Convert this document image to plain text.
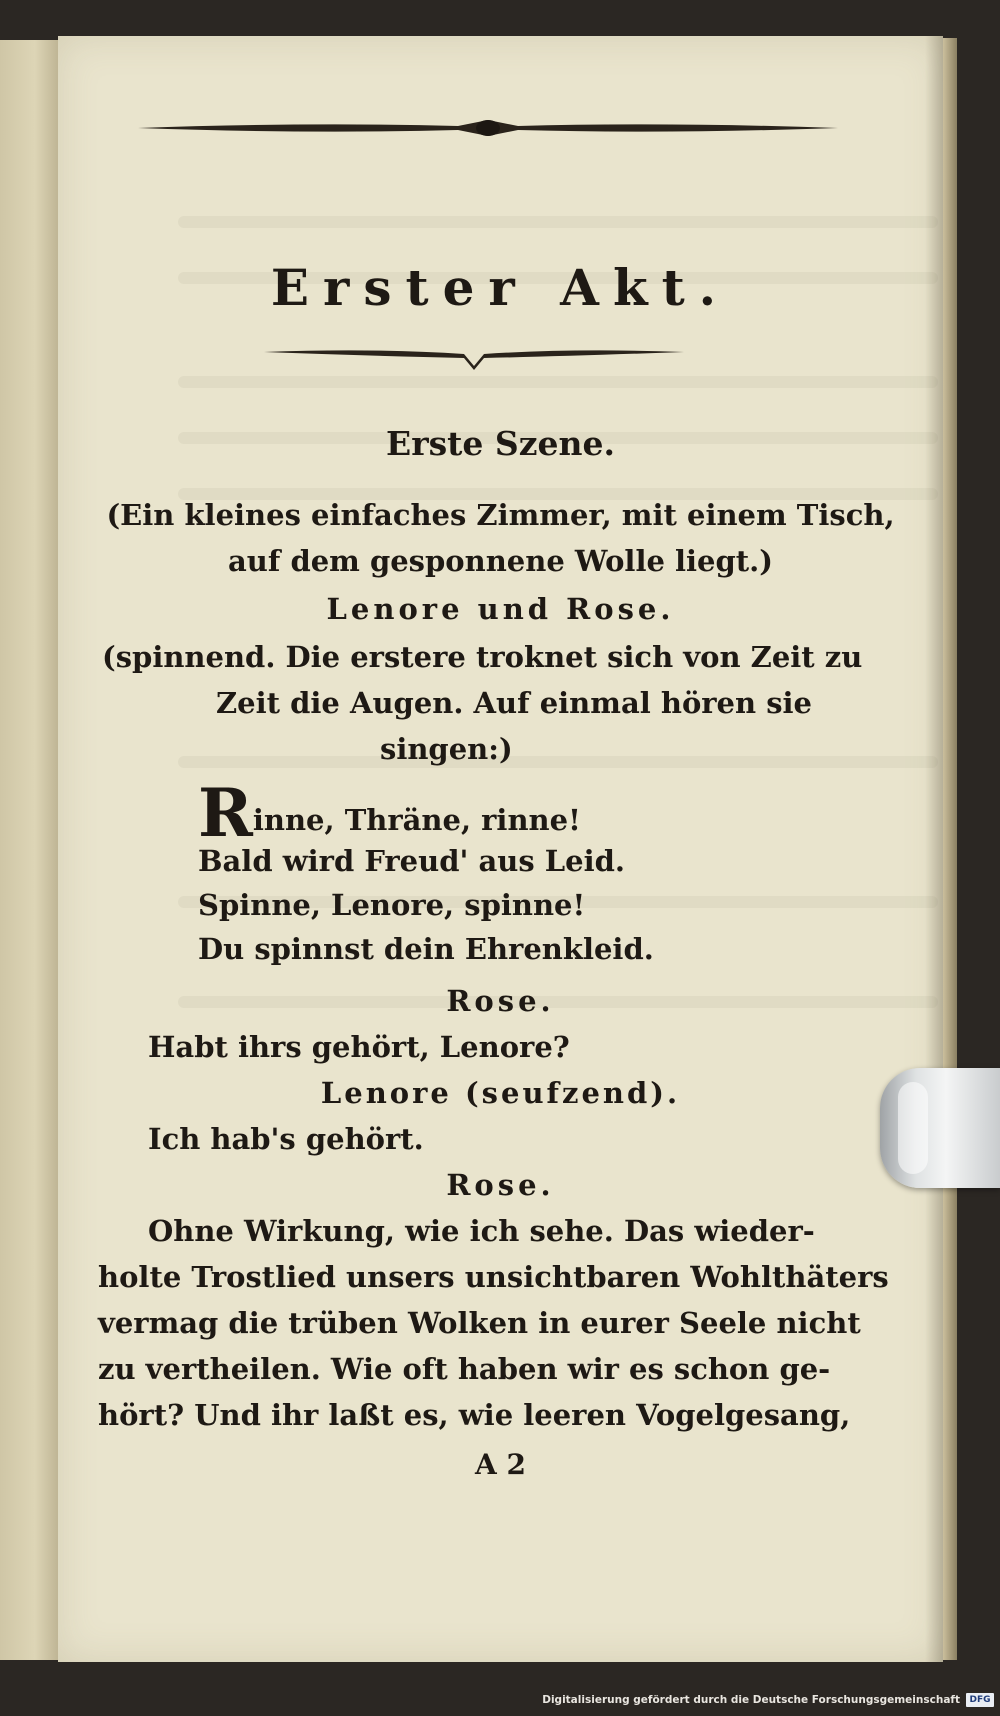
Erster Akt.
Erste Szene.
(Ein kleines einfaches Zimmer, mit einem Tisch,
auf dem gesponnene Wolle liegt.)
Lenore und Rose.
(spinnend. Die erstere troknet sich von Zeit zu
Zeit die Augen. Auf einmal hören sie
singen:)
Rinne, Thräne, rinne!
Bald wird Freud' aus Leid.
Spinne, Lenore, spinne!
Du spinnst dein Ehrenkleid.
Rose.
Habt ihrs gehört, Lenore?
Lenore (seufzend).
Ich hab's gehört.
Rose.
Ohne Wirkung, wie ich sehe. Das wieder-
holte Trostlied unsers unsichtbaren Wohlthäters
vermag die trüben Wolken in eurer Seele nicht
zu vertheilen. Wie oft haben wir es schon ge-
hört? Und ihr laßt es, wie leeren Vogelgesang,
A 2
Digitalisierung gefördert durch die Deutsche Forschungsgemeinschaft	DFG
